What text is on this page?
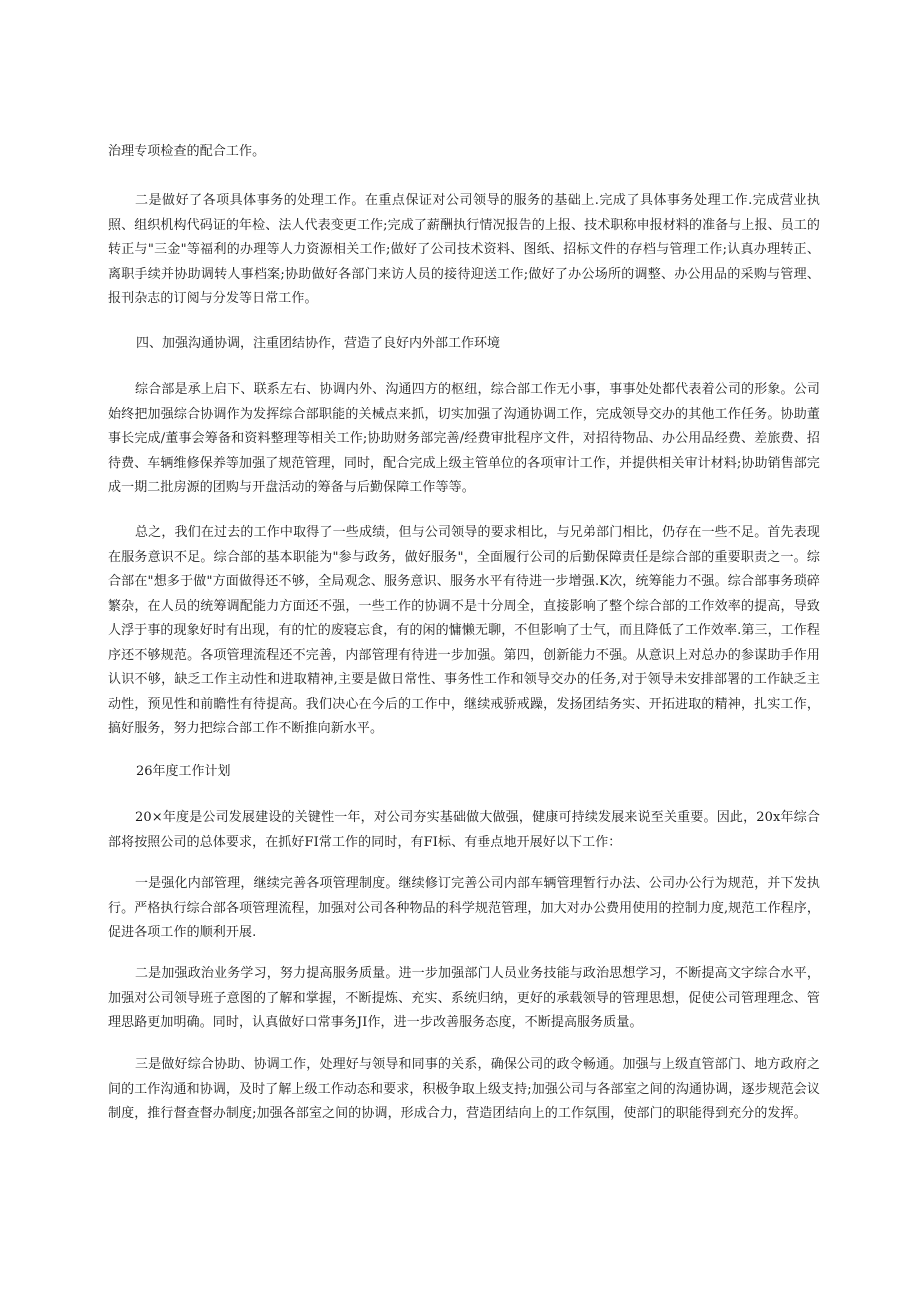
治理专项检查的配合工作。

二是做好了各项具体事务的处理工作。在重点保证对公司领导的服务的基础上.完成了具体事务处理工作.完成营业执照、组织机构代码证的年检、法人代表变更工作;完成了薪酬执行情况报告的上报、技术职称申报材料的准备与上报、员工的转正与"三金"等福利的办理等人力资源相关工作;做好了公司技术资料、图纸、招标文件的存档与管理工作;认真办理转正、离职手续并协助调转人事档案;协助做好各部门来访人员的接待迎送工作;做好了办公场所的调整、办公用品的采购与管理、报刊杂志的订阅与分发等日常工作。

四、加强沟通协调，注重团结协作，营造了良好内外部工作环境

综合部是承上启下、联系左右、协调内外、沟通四方的枢纽，综合部工作无小事，事事处处都代表着公司的形象。公司始终把加强综合协调作为发挥综合部职能的关械点来抓，切实加强了沟通协调工作，完成领导交办的其他工作任务。协助董事长完成/董事会筹备和资料整理等相关工作;协助财务部完善/经费审批程序文件，对招待物品、办公用品经费、差旅费、招待费、车辆维修保养等加强了规范管理，同时，配合完成上级主管单位的各项审计工作，并提供相关审计材料;协助销售部完成一期二批房源的团购与开盘活动的筹备与后勤保障工作等等。

总之，我们在过去的工作中取得了一些成绩，但与公司领导的要求相比，与兄弟部门相比，仍存在一些不足。首先表现在服务意识不足。综合部的基本职能为"参与政务，做好服务"，全面履行公司的后勤保障责任是综合部的重要职责之一。综合部在"想多于做"方面做得还不够，全局观念、服务意识、服务水平有待进一步增强.K次，统筹能力不强。综合部事务琐碎繁杂，在人员的统筹调配能力方面还不强，一些工作的协调不是十分周全，直接影响了整个综合部的工作效率的提高，导致人浮于事的现象好时有出现，有的忙的废寝忘食，有的闲的慵懒无聊，不但影响了士气，而且降低了工作效率.第三，工作程序还不够规范。各项管理流程还不完善，内部管理有待进一步加强。第四，创新能力不强。从意识上对总办的参谋助手作用认识不够，缺乏工作主动性和进取精神,主要是做日常性、事务性工作和领导交办的任务,对于领导未安排部署的工作缺乏主动性，预见性和前瞻性有待提高。我们决心在今后的工作中，继续戒骄戒躁，发扬团结务实、开拓进取的精神，扎实工作，搞好服务，努力把综合部工作不断推向新水平。

26年度工作计划

20×年度是公司发展建设的关键性一年，对公司夯实基础做大做强，健康可持续发展来说至关重要。因此，20x年综合部将按照公司的总体要求，在抓好FI常工作的同时，有FI标、有垂点地开展好以下工作：

一是强化内部管理，继续完善各项管理制度。继续修订完善公司内部车辆管理暂行办法、公司办公行为规范，并下发执行。严格执行综合部各项管理流程，加强对公司各种物品的科学规范管理，加大对办公费用使用的控制力度,规范工作程序，促进各项工作的顺利开展.

二是加强政治业务学习，努力提高服务质量。进一步加强部门人员业务技能与政治思想学习，不断提高文字综合水平，加强对公司领导班子意图的了解和掌握，不断提炼、充实、系统归纳，更好的承载领导的管理思想，促使公司管理理念、管理思路更加明确。同时，认真做好口常事务JI作，进一步改善服务态度，不断提高服务质量。

三是做好综合协助、协调工作，处理好与领导和同事的关系，确保公司的政令畅通。加强与上级直管部门、地方政府之间的工作沟通和协调，及时了解上级工作动态和要求，积极争取上级支持;加强公司与各部室之间的沟通协调，逐步规范会议制度，推行督查督办制度;加强各部室之间的协调，形成合力，营造团结向上的工作氛围，使部门的职能得到充分的发挥。
